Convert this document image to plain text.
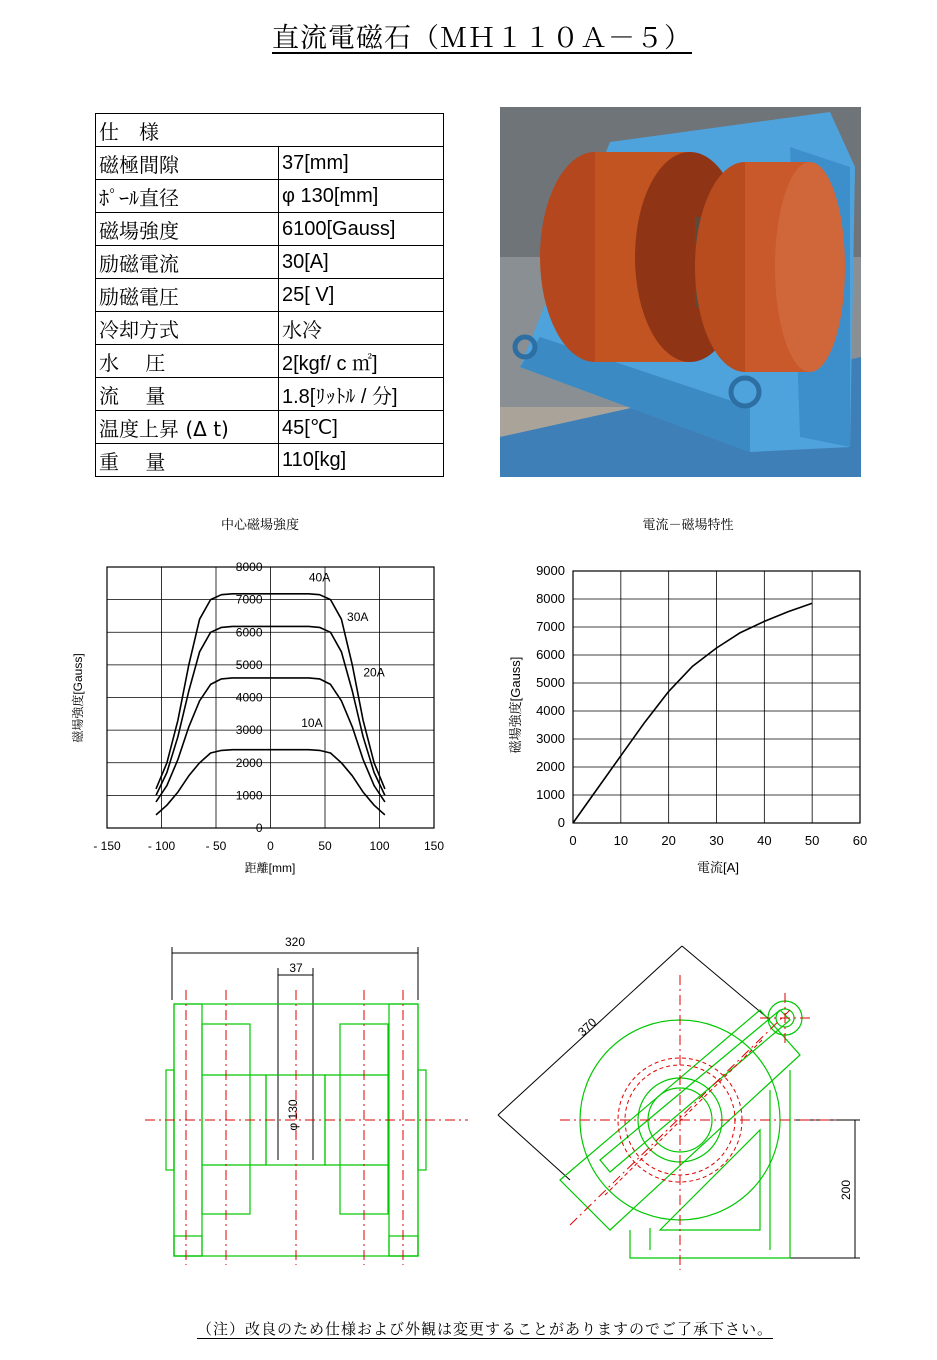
直流電磁石（ＭＨ１１０Ａ－５）
仕　様	
磁極間隙	37[mm]
ﾎﾟｰﾙ直径	φ 130[mm]
磁場強度	6100[Gauss]
励磁電流	30[A]
励磁電圧	25[ V]
冷却方式	水冷
水　 圧	2[kgf/ c ㎡]
流　 量	1.8[ﾘｯﾄﾙ / 分]
温度上昇 (Δ t)	45[℃]
重　 量	110[kg]
中心磁場強度
距離[mm]
磁場強度[Gauss]
0
1000
2000
3000
4000
5000
6000
7000
8000
- 150 - 100	- 50	0	50	100	150
40A
30A
20A
10A
電流－磁場特性
電流[A]
磁場強度[Gauss]
0
1000
2000
3000
4000
5000
6000
7000
8000
9000
0	10	20	30	40	50	60
320
37
φ 130
370
200
（注）改良のため仕様および外観は変更することがありますのでご了承下さい。
